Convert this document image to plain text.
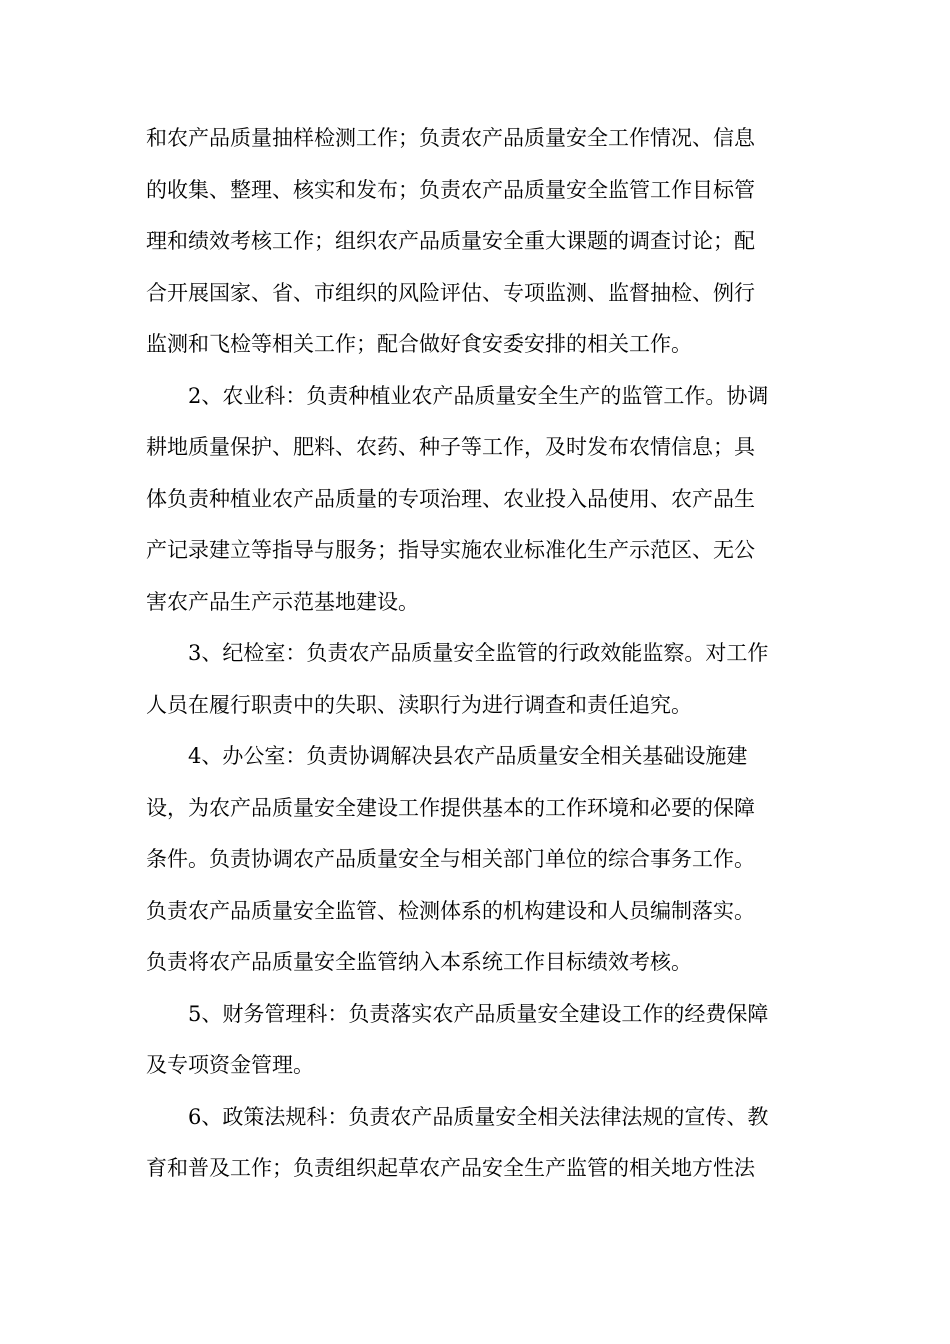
和农产品质量抽样检测工作；负责农产品质量安全工作情况、信息
的收集、整理、核实和发布；负责农产品质量安全监管工作目标管
理和绩效考核工作；组织农产品质量安全重大课题的调查讨论；配
合开展国家、省、市组织的风险评估、专项监测、监督抽检、例行
监测和飞检等相关工作；配合做好食安委安排的相关工作。
2、农业科：负责种植业农产品质量安全生产的监管工作。协调
耕地质量保护、肥料、农药、种子等工作，及时发布农情信息；具
体负责种植业农产品质量的专项治理、农业投入品使用、农产品生
产记录建立等指导与服务；指导实施农业标准化生产示范区、无公
害农产品生产示范基地建设。
3、纪检室：负责农产品质量安全监管的行政效能监察。对工作
人员在履行职责中的失职、渎职行为进行调查和责任追究。
4、办公室：负责协调解决县农产品质量安全相关基础设施建
设，为农产品质量安全建设工作提供基本的工作环境和必要的保障
条件。负责协调农产品质量安全与相关部门单位的综合事务工作。
负责农产品质量安全监管、检测体系的机构建设和人员编制落实。
负责将农产品质量安全监管纳入本系统工作目标绩效考核。
5、财务管理科：负责落实农产品质量安全建设工作的经费保障
及专项资金管理。
6、政策法规科：负责农产品质量安全相关法律法规的宣传、教
育和普及工作；负责组织起草农产品安全生产监管的相关地方性法
